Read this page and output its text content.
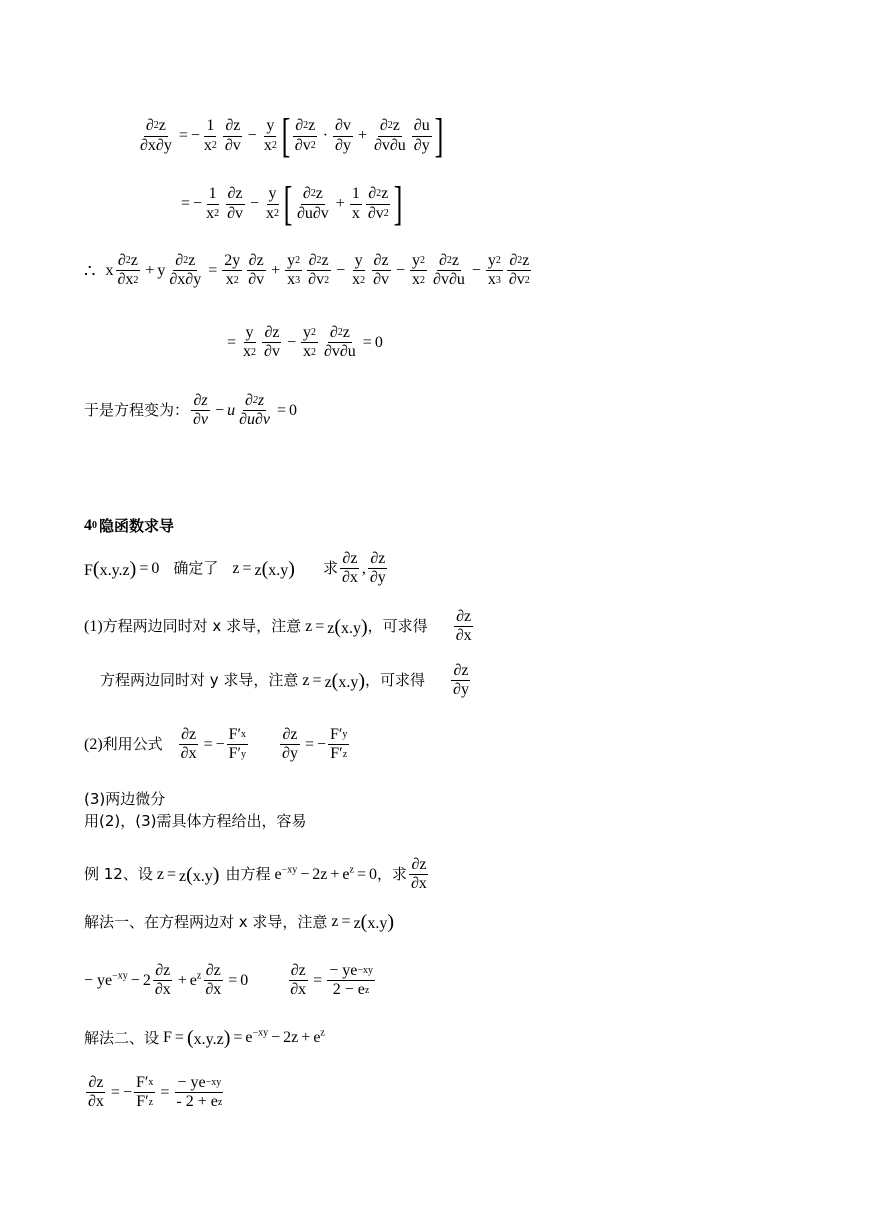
$\frac{\partial 2 z}{\partial x\partial y}$ = − $\frac{1}{x 2} \frac{\partial z}{\partial v} - \frac{y}{x 2}$ [ $\frac{\partial 2 z}{\partial v 2} \cdot \frac{\partial v}{\partial y} + \frac{\partial 2 z}{\partial v\partial u} \frac{\partial u}{\partial y}$ ]
= − $\frac{1}{x 2} \frac{\partial z}{\partial v} - \frac{y}{x 2}$ [ $\frac{\partial 2 z}{\partial u\partial v} + \frac{1}{x} \frac{\partial 2 z}{\partial v 2}$ ]
∴ x $\frac{\partial 2 z}{\partial x 2} + y \frac{\partial 2 z}{\partial x\partial y} = \frac{2y}{x 2} \frac{\partial z}{\partial v} + \frac{y 2}{x 3} \frac{\partial 2 z}{\partial v 2} - \frac{y}{x 2} \frac{\partial z}{\partial v} - \frac{y 2}{x 2} \frac{\partial 2 z}{\partial v\partial u} - \frac{y 2}{x 3} \frac{\partial 2 z}{\partial v 2}$
= $\frac{y}{x 2} \frac{\partial z}{\partial v} - \frac{y 2}{x 2} \frac{\partial 2 z}{\partial v\partial u} = 0$
于是方程变为： $\frac{\partial z}{\partial v} - u \frac{\partial 2 z}{\partial u\partial v} = 0$
4 0 隐函数求导
F(x.y.z) = 0 确定了 z = z(x.y) 求 $\frac{\partial z}{\partial x}$ , $\frac{\partial z}{\partial y}$
(1) 方程两边同时对 x 求导，注意 z = z(x.y) ，可求得 $\frac{\partial z}{\partial x}$
方程两边同时对 y 求导，注意 z = z(x.y) ，可求得 $\frac{\partial z}{\partial y}$
(2) 利用公式 $\frac{\partial z}{\partial x}$ = − $\frac{F' x}{F' y} \frac{\partial z}{\partial y}$ = − $\frac{F' y}{F' z}$
(3)两边微分
用(2)，(3)需具体方程给出，容易
例 12、设 z = z(x.y) 由方程 $e^{-xy} - 2z + e^z = 0$ ，求 $\frac{\partial z}{\partial x}$
解法一、在方程两边对 x 求导，注意 z = z(x.y)
− $ye^{-xy} - 2 \frac{\partial z}{\partial x} + e^z \frac{\partial z}{\partial x} = 0$	$\frac{\partial z}{\partial x} = \frac{- ye -xy}{\text{2 − e z}}$
解法二、设 $F = (x.y.z) = e^{-xy} - 2z + e^z$
$\frac{\partial z}{\partial x}$ = − $\frac{F' x}{F' z} = \frac{- ye -xy}{\text{- 2 + e z}}$
